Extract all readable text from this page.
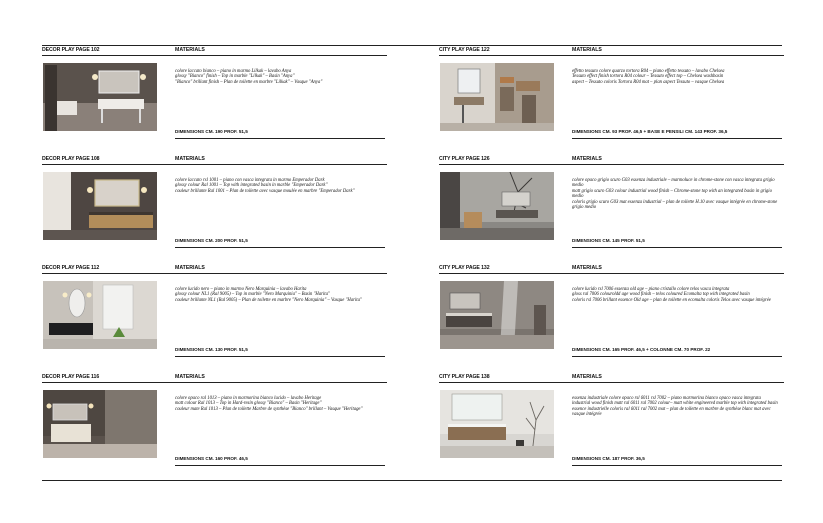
DECOR PLAY PAGE 102	MATERIALS
colore laccato bianco – piano in marmo Lilkak – lavabo Anya
glossy "Bianco" finish – Top in marble "Lilkak" – Basin "Anya"
"Bianco" brillant finish – Plan de toilette en marbre "Lilkak" – Vasque "Anya"
DIMENSIONS CM. 190 PROF. 51,5
CITY PLAY PAGE 122	MATERIALS
effetto tessuto colore quarzo tortora R04 – piano effetto tessuto – lavabo Chelsea
Tessuto effect finish tortora R04 colour – Tessuto effect top – Chelsea washbasin
aspect – Tessuto coloris Tortora R04 mat – plan aspect Tessuto – vasque Chelsea
DIMENSIONS CM. 93 PROF. 46,5 + BASE E PENSILI CM. 143 PROF. 36,5
DECOR PLAY PAGE 108	MATERIALS
colore laccato rsl 1001 – piano con vasca integrata in marmo Emperador Dark
glossy colour Ral 1001 – Top with integrated basin in marble "Emperador Dark"
couleur brillante Ral 1001 – Plan de toilette avec vasque moulée en marbre "Emperador Dark"
DIMENSIONS CM. 200 PROF. 51,5
CITY PLAY PAGE 126	MATERIALS
colore opaco grigio scuro G03 essenza industriale – marmoluce in chrome-stone con vasca integrata grigio medio
matt grigio scuro G03 colour industrial wood finish – Chrome-stone top with an integrated basin in grigio medio
coloris grigio scuro G03 mat essenza industrial – plan de toilette H.10 avec vasque intégrée en chrome-stone grigio medio
DIMENSIONS CM. 145 PROF. 51,5
DECOR PLAY PAGE 112	MATERIALS
colore lucido nero – piano in marmo Nero Marquinia – lavabo Harita
glossy colour NL1 (Ral 9005) – Top in marble "Nero Marquinia" – Basin "Harita"
couleur brillante NL1 (Ral 9005) – Plan de toilette en marbre "Nero Marquinia" – Vasque "Harita"
DIMENSIONS CM. 130 PROF. 51,5
CITY PLAY PAGE 132	MATERIALS
colore lucido rsl 7006 essenza old age – piano cristallo colore telos vasca integrata
gloss ral 7006 colouroldd age wood finish – telos coloured Ecomalta top with integrated basin
coloris rsl 7006 brillant essence Old age – plan de toilette en ecomalta coloris Telos avec vasque intégrée
DIMENSIONS CM. 165 PROF. 46,5 + COLONNE CM. 70 PROF. 22
DECOR PLAY PAGE 116	MATERIALS
colore opaco ral 1013 – piano in marmorina bianco lucido – lavabo Heritage
matt colour Ral 1013 – Top in Hard-resin glossy "Bianco" – Basin "Heritage"
couleur mate Ral 1013 – Plan de toilette Marbre de synthèse "Bianco" brillant – Vasque "Heritage"
DIMENSIONS CM. 160 PROF. 46,5
CITY PLAY PAGE 138	MATERIALS
essenza industriale colore opaco rsl 6011 rsl 7002 – piano marmorina bianco opaco vasca integrata
industrial wood finish matt ral 6011 ral 7002 colour– matt white engineered marble top with integrated basin
essence industrielle coloris ral 6011 ral 7002 mat – plan de toilette en marbre de synthèse blanc mat avec vasque intégrée
DIMENSIONS CM. 187 PROF. 36,5
